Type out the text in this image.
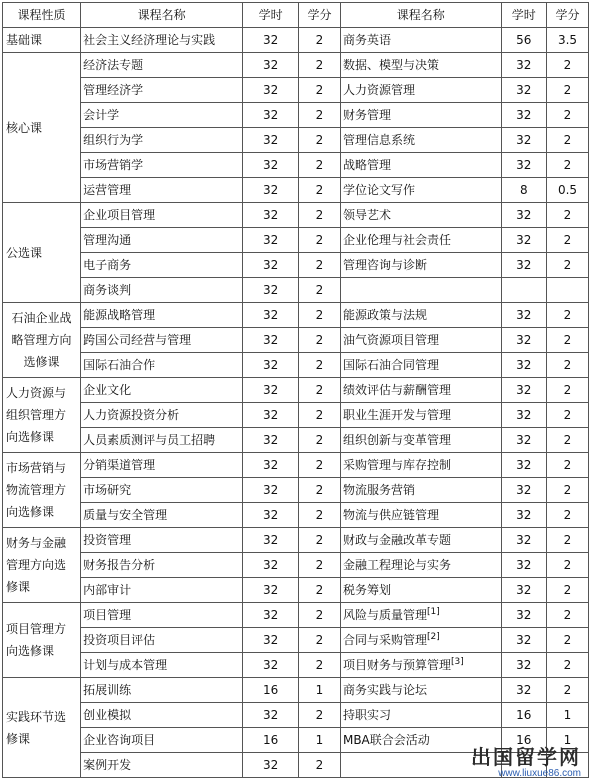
课程性质	课程名称	学时	学分	课程名称	学时	学分
基础课	社会主义经济理论与实践	32	2	商务英语	56	3.5
核心课	经济法专题	32	2	数据、模型与决策	32	2
	管理经济学	32	2	人力资源管理	32	2
	会计学	32	2	财务管理	32	2
	组织行为学	32	2	管理信息系统	32	2
	市场营销学	32	2	战略管理	32	2
	运营管理	32	2	学位论文写作	8	0.5
公选课	企业项目管理	32	2	领导艺术	32	2
	管理沟通	32	2	企业伦理与社会责任	32	2
	电子商务	32	2	管理咨询与诊断	32	2
	商务谈判	32	2			
石油企业战略管理方向选修课	能源战略管理	32	2	能源政策与法规	32	2
	跨国公司经营与管理	32	2	油气资源项目管理	32	2
	国际石油合作	32	2	国际石油合同管理	32	2
人力资源与组织管理方向选修课	企业文化	32	2	绩效评估与薪酬管理	32	2
	人力资源投资分析	32	2	职业生涯开发与管理	32	2
	人员素质测评与员工招聘	32	2	组织创新与变革管理	32	2
市场营销与物流管理方向选修课	分销渠道管理	32	2	采购管理与库存控制	32	2
	市场研究	32	2	物流服务营销	32	2
	质量与安全管理	32	2	物流与供应链管理	32	2
财务与金融管理方向选修课	投资管理	32	2	财政与金融改革专题	32	2
	财务报告分析	32	2	金融工程理论与实务	32	2
	内部审计	32	2	税务筹划	32	2
项目管理方向选修课	项目管理	32	2	风险与质量管理[1]	32	2
	投资项目评估	32	2	合同与采购管理[2]	32	2
	计划与成本管理	32	2	项目财务与预算管理[3]	32	2
实践环节选修课	拓展训练	16	1	商务实践与论坛	32	2
	创业模拟	32	2	持职实习	16	1
	企业咨询项目	16	1	MBA联合会活动	16	1
	案例开发	32	2				出国留学网
www.liuxue86.com
